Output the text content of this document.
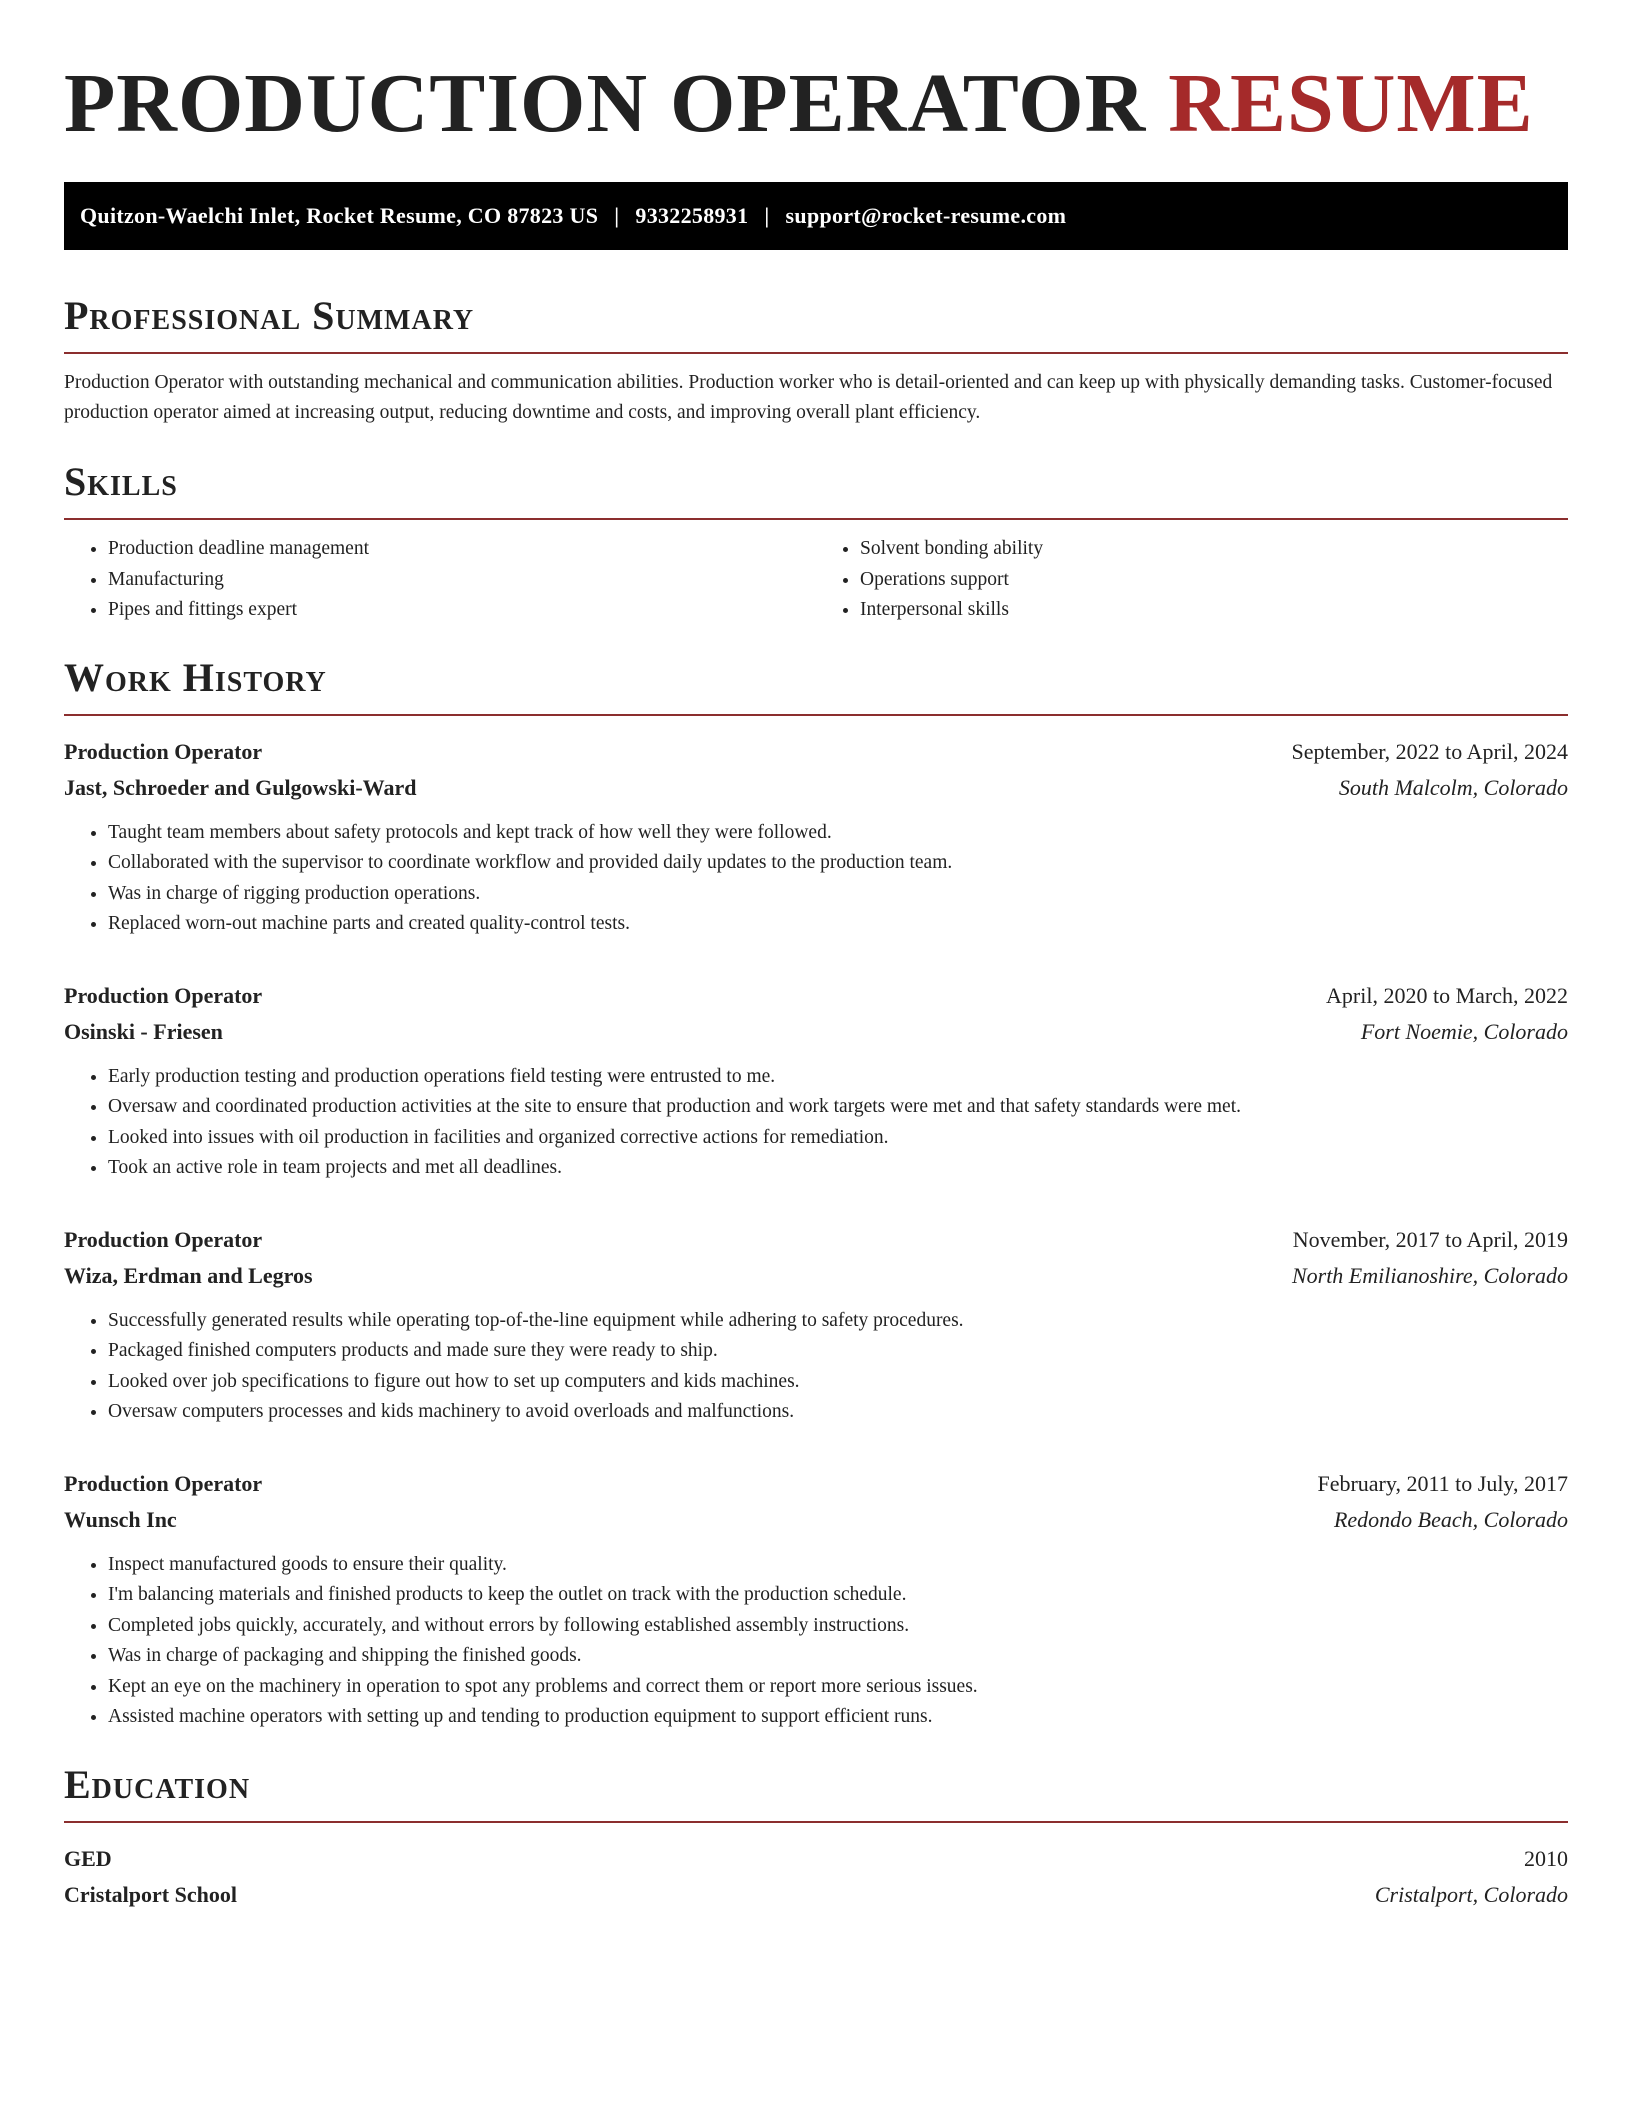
PRODUCTION OPERATOR RESUME
Quitzon-Waelchi Inlet, Rocket Resume, CO 87823 US | 9332258931 | support@rocket-resume.com
Professional Summary

Production Operator with outstanding mechanical and communication abilities. Production worker who is detail-oriented and can keep up with physically demanding tasks. Customer-focused production operator aimed at increasing output, reducing downtime and costs, and improving overall plant efficiency.

Skills
• Production deadline management
• Manufacturing
• Pipes and fittings expert
• Solvent bonding ability
• Operations support
• Interpersonal skills
Work History
Production Operator	September, 2022 to April, 2024
Jast, Schroeder and Gulgowski-Ward	South Malcolm, Colorado
• Taught team members about safety protocols and kept track of how well they were followed.
• Collaborated with the supervisor to coordinate workflow and provided daily updates to the production team.
• Was in charge of rigging production operations.
• Replaced worn-out machine parts and created quality-control tests.
Production Operator	April, 2020 to March, 2022
Osinski - Friesen	Fort Noemie, Colorado
• Early production testing and production operations field testing were entrusted to me.
• Oversaw and coordinated production activities at the site to ensure that production and work targets were met and that safety standards were met.
• Looked into issues with oil production in facilities and organized corrective actions for remediation.
• Took an active role in team projects and met all deadlines.
Production Operator	November, 2017 to April, 2019
Wiza, Erdman and Legros	North Emilianoshire, Colorado
• Successfully generated results while operating top-of-the-line equipment while adhering to safety procedures.
• Packaged finished computers products and made sure they were ready to ship.
• Looked over job specifications to figure out how to set up computers and kids machines.
• Oversaw computers processes and kids machinery to avoid overloads and malfunctions.
Production Operator	February, 2011 to July, 2017
Wunsch Inc	Redondo Beach, Colorado
• Inspect manufactured goods to ensure their quality.
• I'm balancing materials and finished products to keep the outlet on track with the production schedule.
• Completed jobs quickly, accurately, and without errors by following established assembly instructions.
• Was in charge of packaging and shipping the finished goods.
• Kept an eye on the machinery in operation to spot any problems and correct them or report more serious issues.
• Assisted machine operators with setting up and tending to production equipment to support efficient runs.
Education
GED	2010
Cristalport School	Cristalport, Colorado
